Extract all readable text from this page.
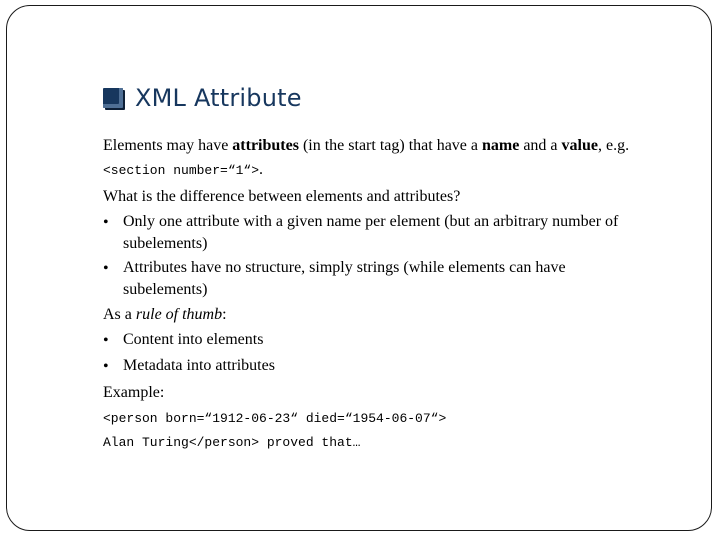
XML Attribute

Elements may have attributes (in the start tag) that have a name and a value, e.g. <section number=“1“>.

What is the difference between elements and attributes?

• Only one attribute with a given name per element (but an arbitrary number of subelements)
• Attributes have no structure, simply strings (while elements can have subelements)

As a rule of thumb:

• Content into elements
• Metadata into attributes

Example:

<person born=“1912-06-23“ died=“1954-06-07“>

Alan Turing</person> proved that…
